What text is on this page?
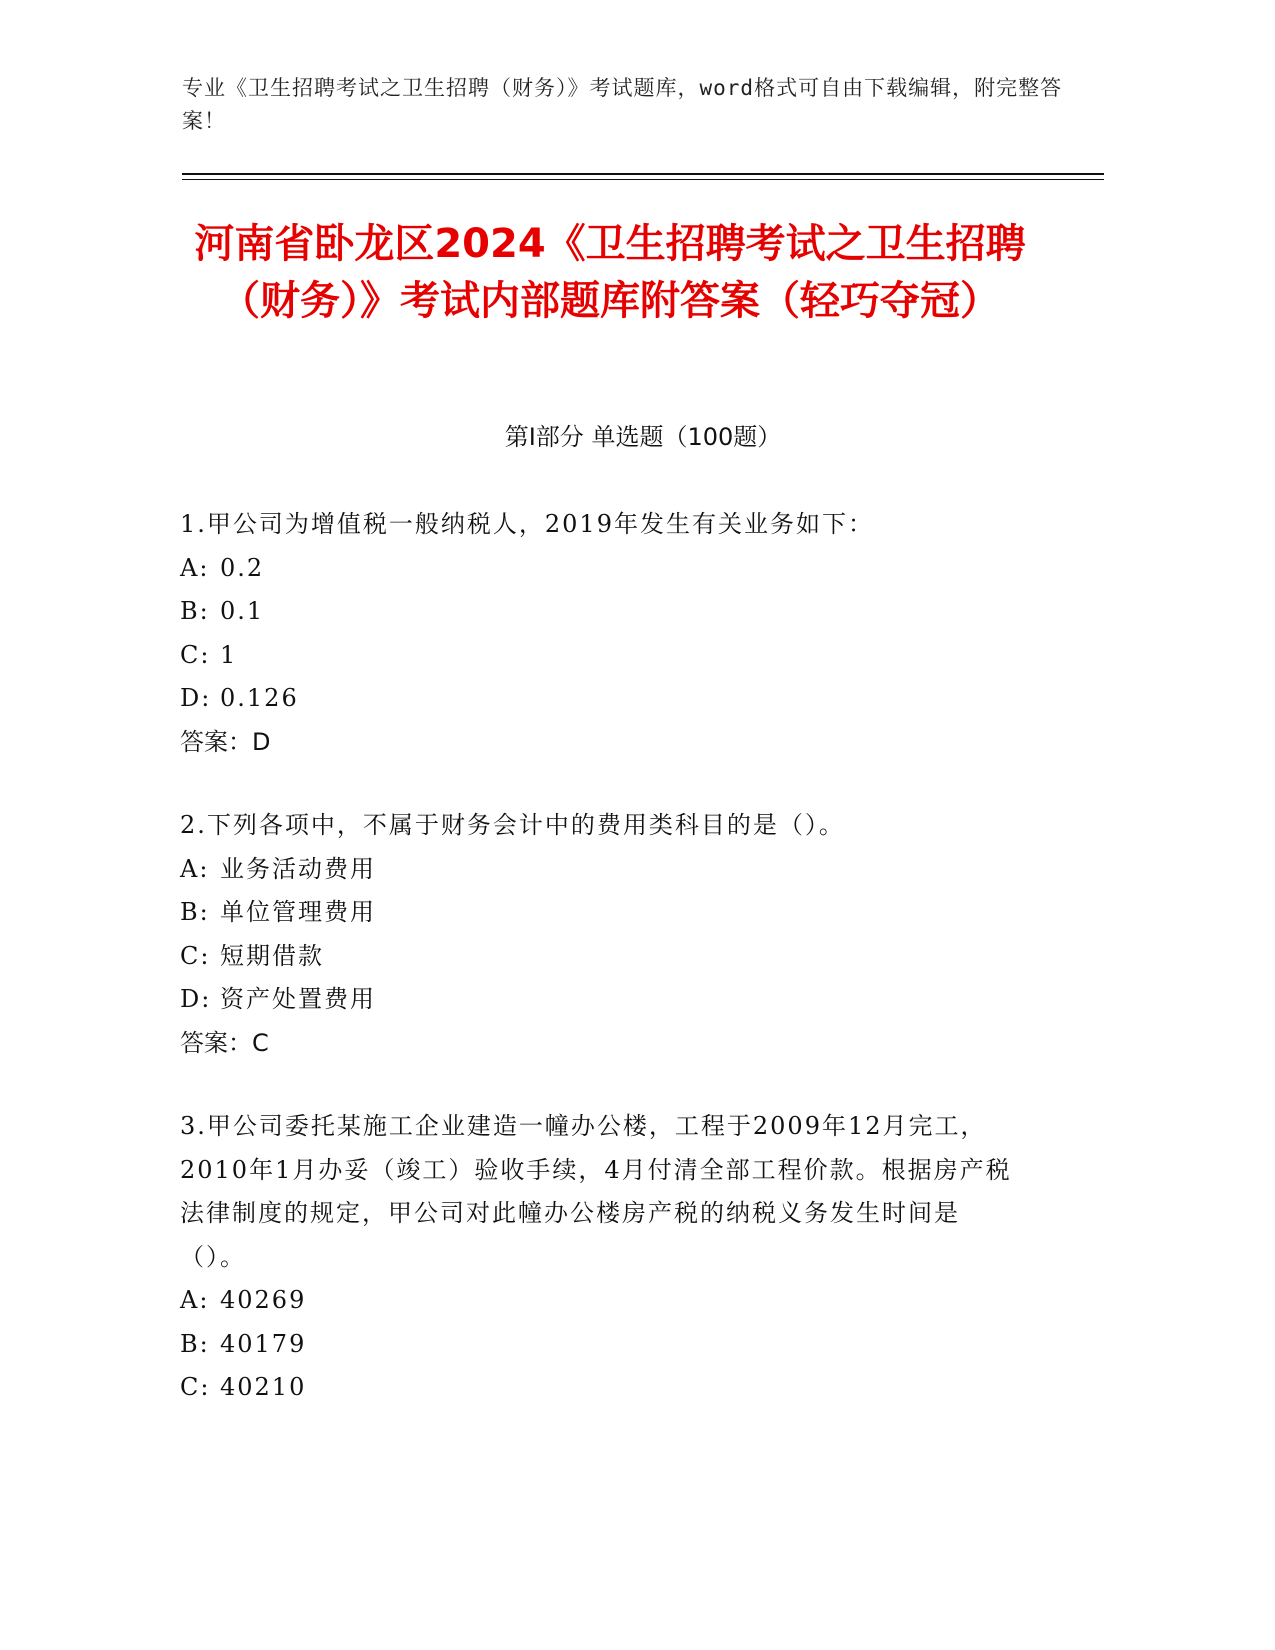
专业《卫生招聘考试之卫生招聘（财务）》考试题库，word格式可自由下载编辑，附完整答案！
河南省卧龙区2024《卫生招聘考试之卫生招聘（财务）》考试内部题库附答案（轻巧夺冠）
第Ⅰ部分 单选题（100题）
1.甲公司为增值税一般纳税人，2019年发生有关业务如下：
A: 0.2
B: 0.1
C: 1
D: 0.126
答案：D
2.下列各项中，不属于财务会计中的费用类科目的是（）。
A: 业务活动费用
B: 单位管理费用
C: 短期借款
D: 资产处置费用
答案：C
3.甲公司委托某施工企业建造一幢办公楼，工程于2009年12月完工，2010年1月办妥（竣工）验收手续，4月付清全部工程价款。根据房产税法律制度的规定，甲公司对此幢办公楼房产税的纳税义务发生时间是（）。
A: 40269
B: 40179
C: 40210
